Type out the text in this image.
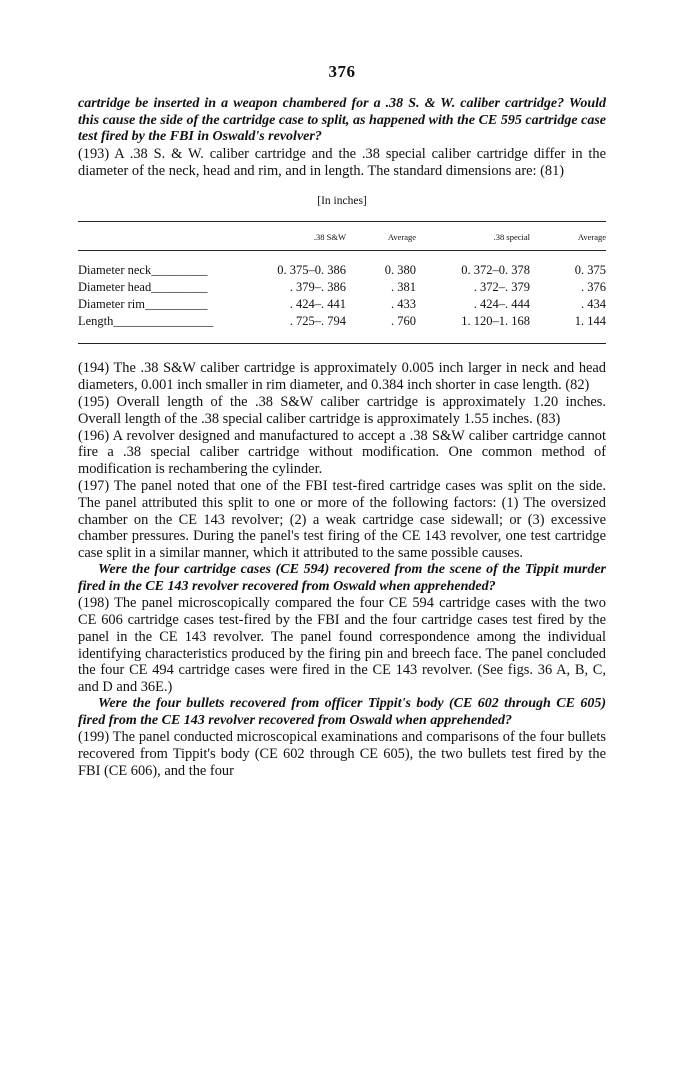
376

cartridge be inserted in a weapon chambered for a .38 S. & W. caliber cartridge? Would this cause the side of the cartridge case to split, as happened with the CE 595 cartridge case test fired by the FBI in Oswald's revolver?

(193) A .38 S. & W. caliber cartridge and the .38 special caliber cartridge differ in the diameter of the neck, head and rim, and in length. The standard dimensions are: (81)

[In inches]
	.38 S&W	Average	.38 special	Average
Diameter neck_________	0. 375–0. 386	0. 380	0. 372–0. 378	0. 375
Diameter head_________	. 379–. 386	. 381	. 372–. 379	. 376
Diameter rim__________	. 424–. 441	. 433	. 424–. 444	. 434
Length________________	. 725–. 794	. 760	1. 120–1. 168	1. 144

(194) The .38 S&W caliber cartridge is approximately 0.005 inch larger in neck and head diameters, 0.001 inch smaller in rim diameter, and 0.384 inch shorter in case length. (82)

(195) Overall length of the .38 S&W caliber cartridge is approximately 1.20 inches. Overall length of the .38 special caliber cartridge is approximately 1.55 inches. (83)

(196) A revolver designed and manufactured to accept a .38 S&W caliber cartridge cannot fire a .38 special caliber cartridge without modification. One common method of modification is rechambering the cylinder.

(197) The panel noted that one of the FBI test-fired cartridge cases was split on the side. The panel attributed this split to one or more of the following factors: (1) The oversized chamber on the CE 143 revolver; (2) a weak cartridge case sidewall; or (3) excessive chamber pressures. During the panel's test firing of the CE 143 revolver, one test cartridge case split in a similar manner, which it attributed to the same possible causes.

Were the four cartridge cases (CE 594) recovered from the scene of the Tippit murder fired in the CE 143 revolver recovered from Oswald when apprehended?

(198) The panel microscopically compared the four CE 594 cartridge cases with the two CE 606 cartridge cases test-fired by the FBI and the four cartridge cases test fired by the panel in the CE 143 revolver. The panel found correspondence among the individual identifying characteristics produced by the firing pin and breech face. The panel concluded the four CE 494 cartridge cases were fired in the CE 143 revolver. (See figs. 36 A, B, C, and D and 36E.)

Were the four bullets recovered from officer Tippit's body (CE 602 through CE 605) fired from the CE 143 revolver recovered from Oswald when apprehended?

(199) The panel conducted microscopical examinations and comparisons of the four bullets recovered from Tippit's body (CE 602 through CE 605), the two bullets test fired by the FBI (CE 606), and the four
